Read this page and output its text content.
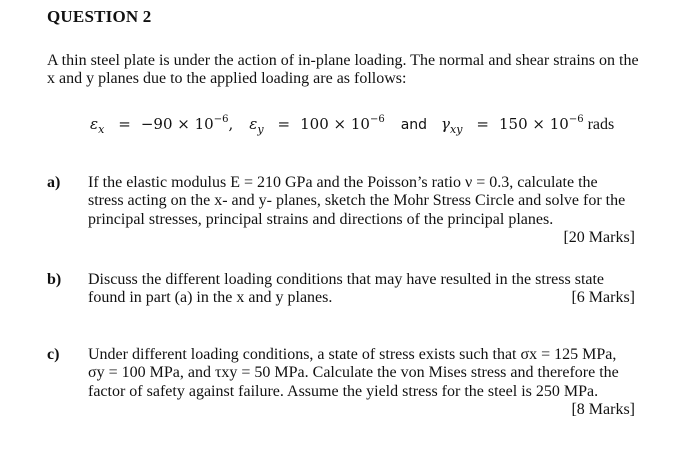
QUESTION 2
A thin steel plate is under the action of in-plane loading. The normal and shear strains on the x and y planes due to the applied loading are as follows:
$\varepsilon_x = -90 \times 10^{-6}$, $\varepsilon_y = 100 \times 10^{-6}$ and $\gamma_{xy} = 150 \times 10^{-6}$ rads
a) If the elastic modulus E = 210 GPa and the Poisson’s ratio ν = 0.3, calculate the stress acting on the x- and y- planes, sketch the Mohr Stress Circle and solve for the principal stresses, principal strains and directions of the principal planes.

[20 Marks]
b)

[6 Marks]
Discuss the different loading conditions that may have resulted in the stress state found in part (a) in the x and y planes.

c)

[8 Marks]
Under different loading conditions, a state of stress exists such that σx = 125 MPa, σy = 100 MPa, and τxy = 50 MPa. Calculate the von Mises stress and therefore the factor of safety against failure. Assume the yield stress for the steel is 250 MPa.
